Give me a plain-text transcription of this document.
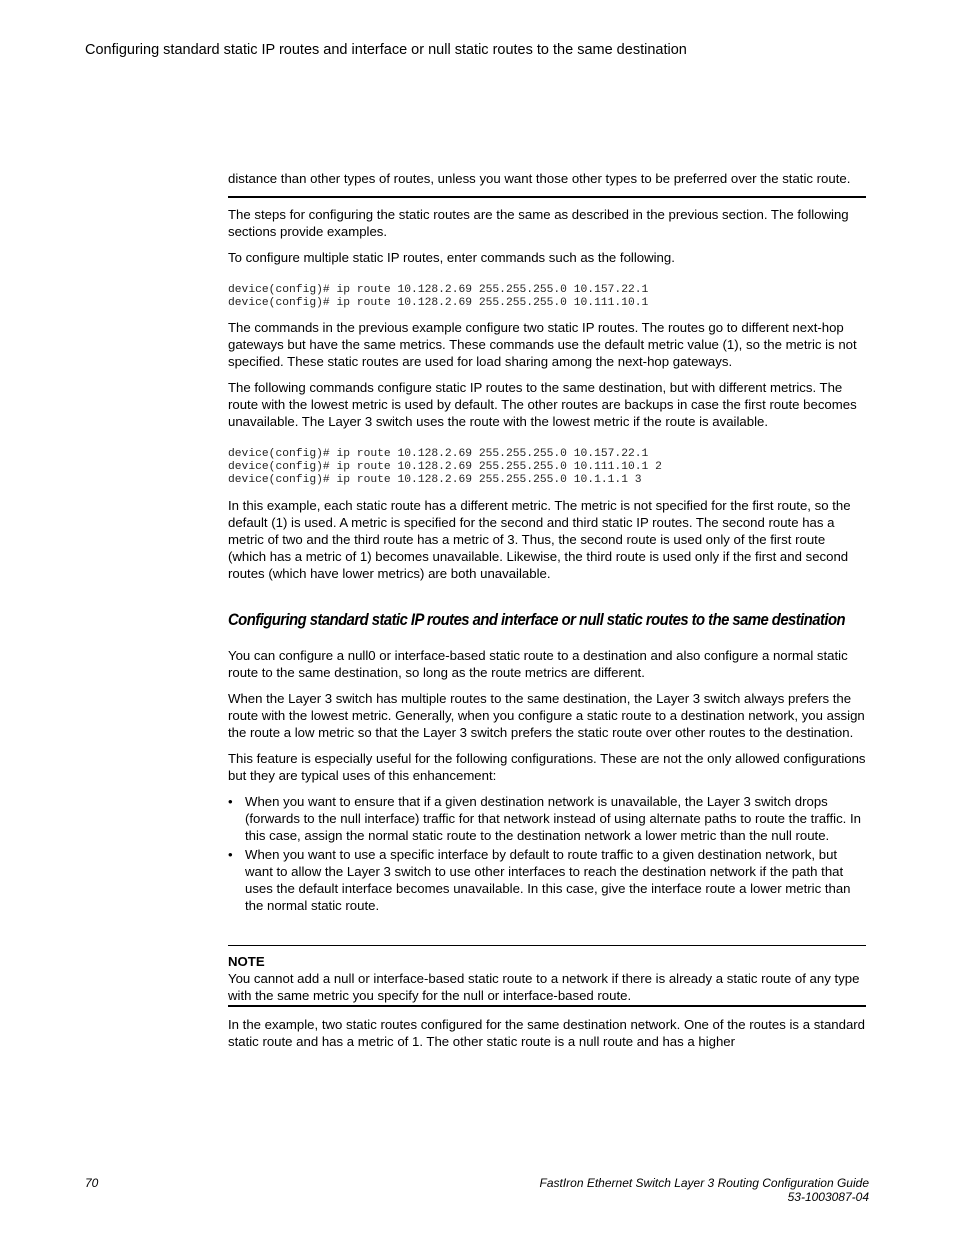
Configuring standard static IP routes and interface or null static routes to the same destination

distance than other types of routes, unless you want those other types to be preferred over the static route.

The steps for configuring the static routes are the same as described in the previous section. The following sections provide examples.

To configure multiple static IP routes, enter commands such as the following.

device(config)# ip route 10.128.2.69 255.255.255.0 10.157.22.1
device(config)# ip route 10.128.2.69 255.255.255.0 10.111.10.1

The commands in the previous example configure two static IP routes. The routes go to different next-hop gateways but have the same metrics. These commands use the default metric value (1), so the metric is not specified. These static routes are used for load sharing among the next-hop gateways.

The following commands configure static IP routes to the same destination, but with different metrics. The route with the lowest metric is used by default. The other routes are backups in case the first route becomes unavailable. The Layer 3 switch uses the route with the lowest metric if the route is available.

device(config)# ip route 10.128.2.69 255.255.255.0 10.157.22.1
device(config)# ip route 10.128.2.69 255.255.255.0 10.111.10.1 2
device(config)# ip route 10.128.2.69 255.255.255.0 10.1.1.1 3

In this example, each static route has a different metric. The metric is not specified for the first route, so the default (1) is used. A metric is specified for the second and third static IP routes. The second route has a metric of two and the third route has a metric of 3. Thus, the second route is used only of the first route (which has a metric of 1) becomes unavailable. Likewise, the third route is used only if the first and second routes (which have lower metrics) are both unavailable.

Configuring standard static IP routes and interface or null static routes to the same destination

You can configure a null0 or interface-based static route to a destination and also configure a normal static route to the same destination, so long as the route metrics are different.

When the Layer 3 switch has multiple routes to the same destination, the Layer 3 switch always prefers the route with the lowest metric. Generally, when you configure a static route to a destination network, you assign the route a low metric so that the Layer 3 switch prefers the static route over other routes to the destination.

This feature is especially useful for the following configurations. These are not the only allowed configurations but they are typical uses of this enhancement:

• When you want to ensure that if a given destination network is unavailable, the Layer 3 switch drops (forwards to the null interface) traffic for that network instead of using alternate paths to route the traffic. In this case, assign the normal static route to the destination network a lower metric than the null route.
• When you want to use a specific interface by default to route traffic to a given destination network, but want to allow the Layer 3 switch to use other interfaces to reach the destination network if the path that uses the default interface becomes unavailable. In this case, give the interface route a lower metric than the normal static route.
NOTE

You cannot add a null or interface-based static route to a network if there is already a static route of any type with the same metric you specify for the null or interface-based route.

In the example, two static routes configured for the same destination network. One of the routes is a standard static route and has a metric of 1. The other static route is a null route and has a higher

70	FastIron Ethernet Switch Layer 3 Routing Configuration Guide
53-1003087-04
